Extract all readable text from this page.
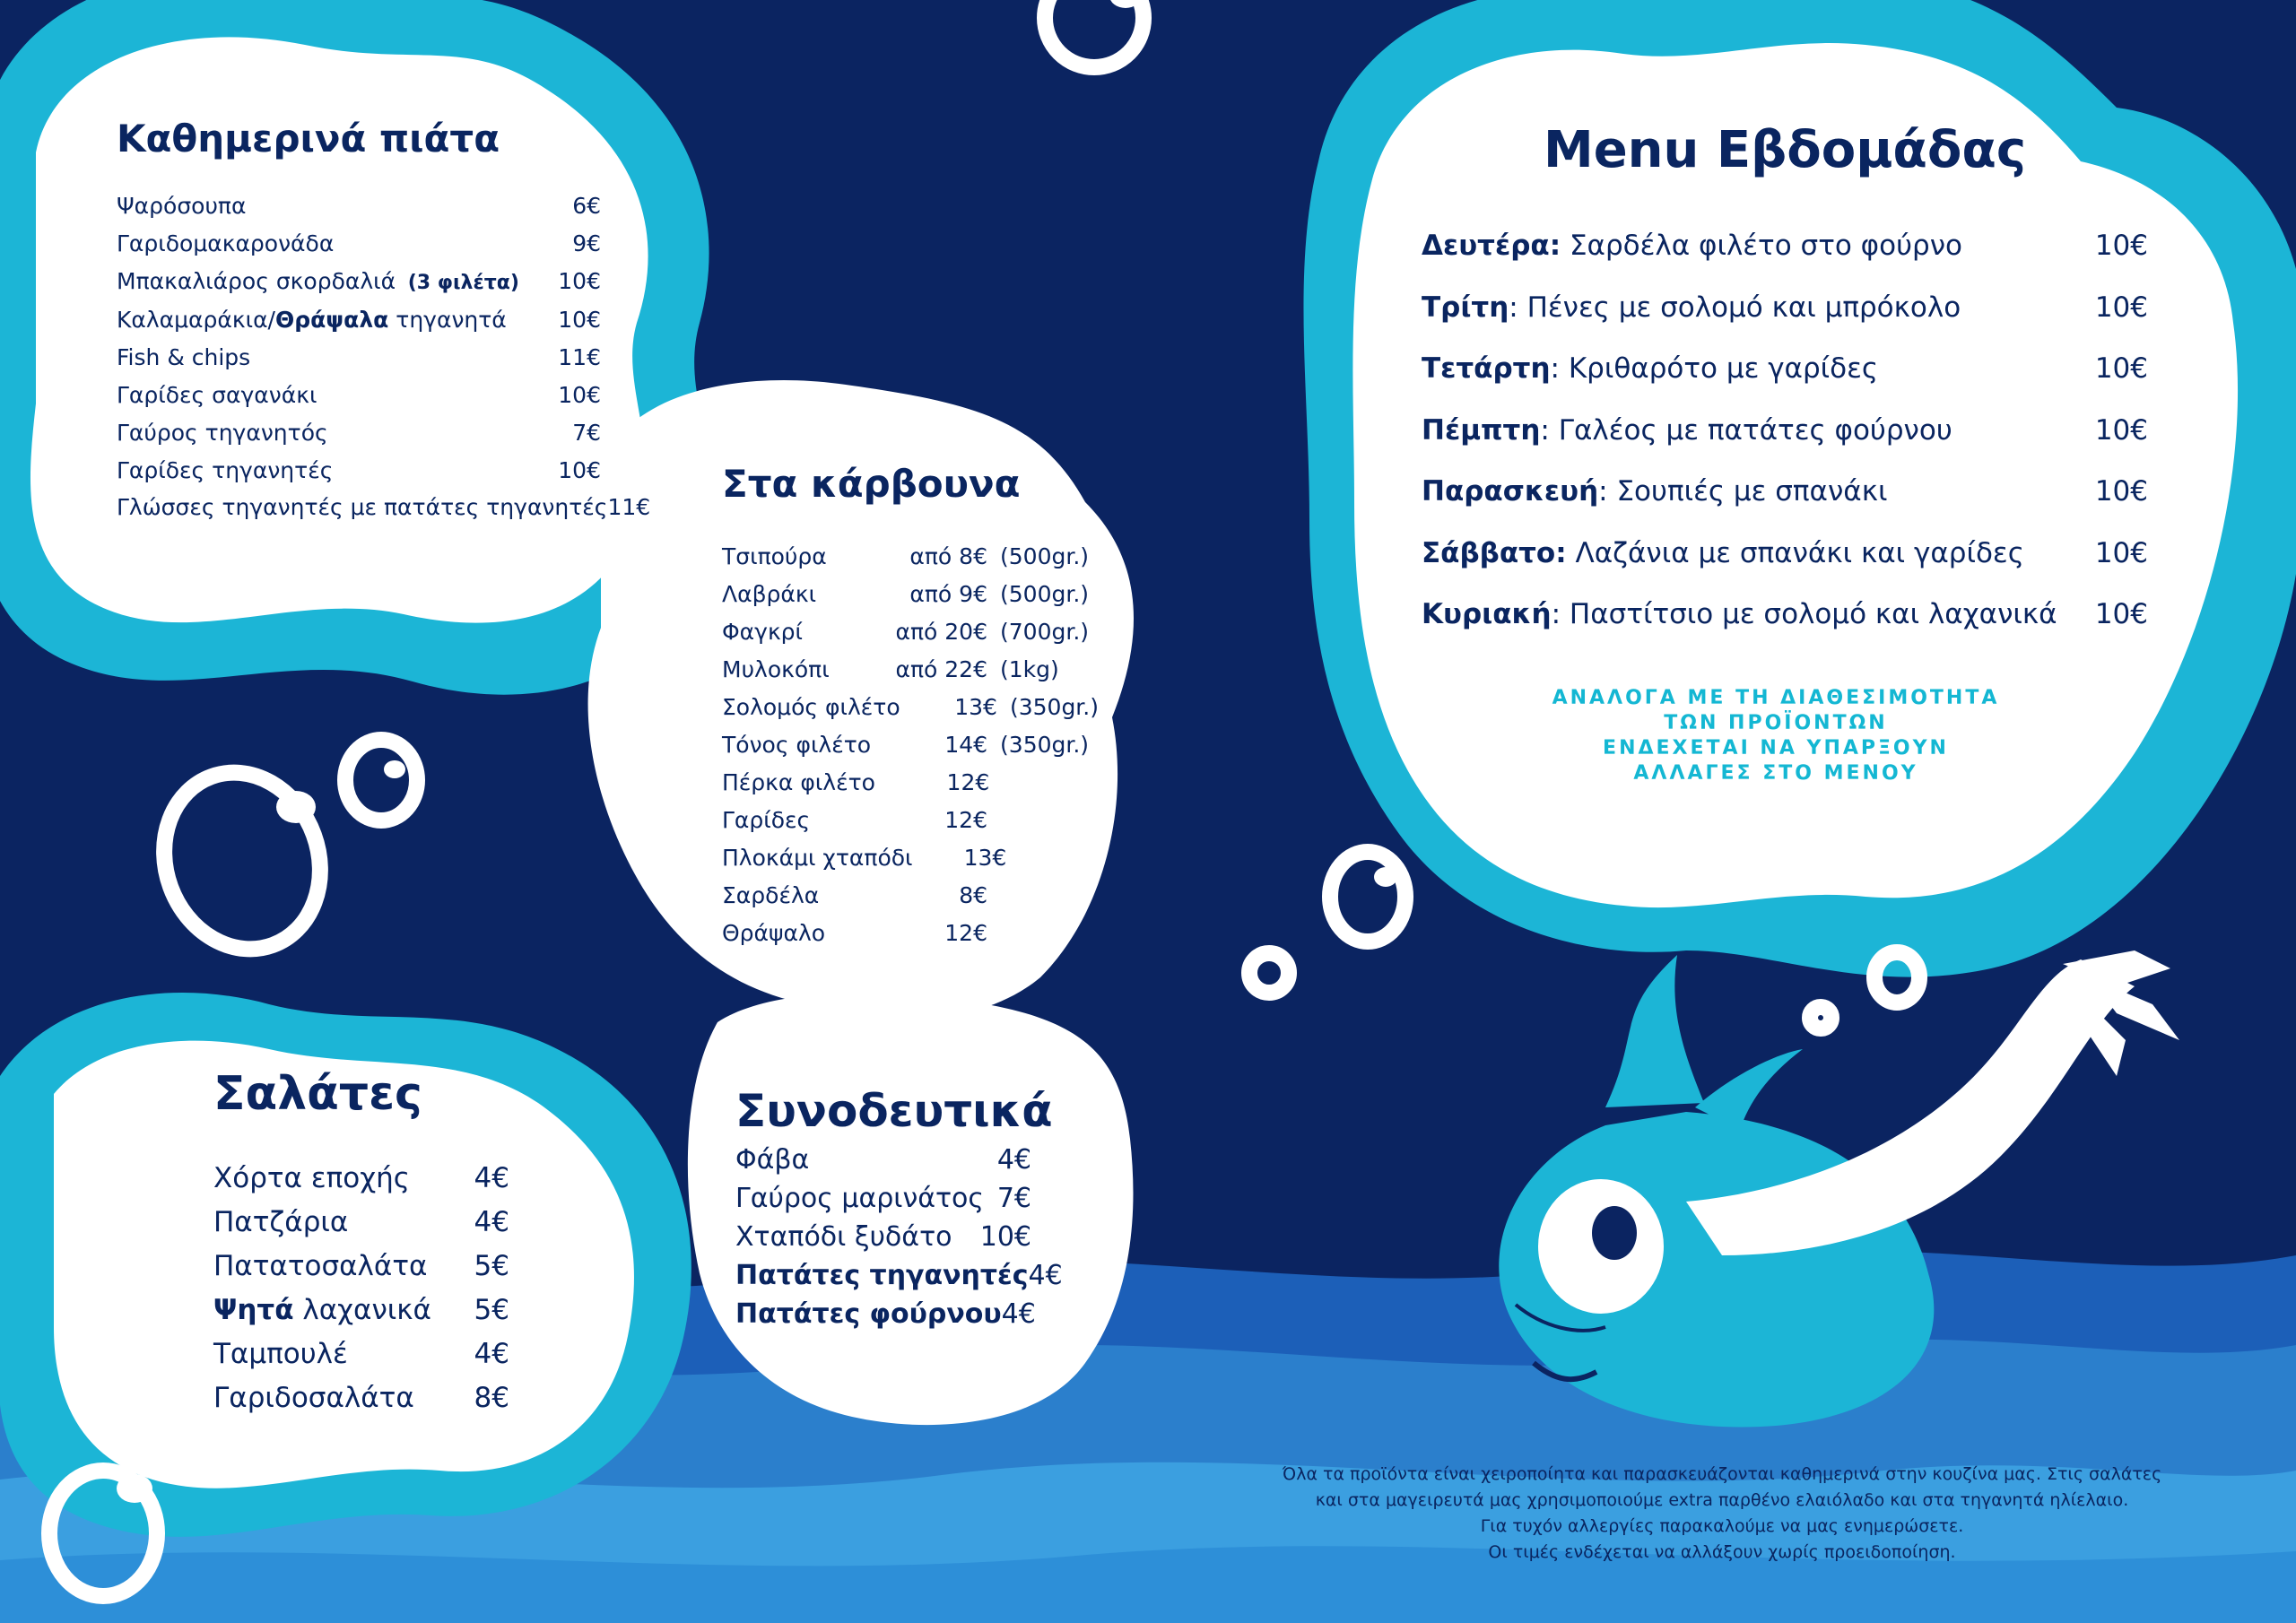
Καθημερινά πιάτα
Ψαρόσουπα	6€
Γαριδομακαρονάδα	9€
Μπακαλιάρος σκορδαλιά (3 φιλέτα)	10€
Καλαμαράκια/Θράψαλα τηγανητά	10€
Fish & chips	11€
Γαρίδες σαγανάκι	10€
Γαύρος τηγανητός	7€
Γαρίδες τηγανητές	10€
Γλώσσες τηγανητές με πατάτες τηγανητές 11€
Στα κάρβουνα
Τσιπούρα	από 8€ (500gr.)
Λαβράκι	από 9€ (500gr.)
Φαγκρί	από 20€ (700gr.)
Μυλοκόπι	από 22€ (1kg)
Σολομός φιλέτο	13€ (350gr.)
Τόνος φιλέτο	14€ (350gr.)
Πέρκα φιλέτο	12€
Γαρίδες	12€
Πλοκάμι χταπόδι	13€
Σαρδέλα	8€
Θράψαλο	12€
Σαλάτες
Χόρτα εποχής	4€
Πατζάρια	4€
Πατατοσαλάτα	5€
Ψητά λαχανικά	5€
Ταμπουλέ	4€
Γαριδοσαλάτα	8€
Συνοδευτικά
Φάβα	4€
Γαύρος μαρινάτος 7€
Χταπόδι ξυδάτο	10€
Πατάτες τηγανητές 4€
Πατάτες φούρνου 4€
Menu Εβδομάδας
Δευτέρα: Σαρδέλα φιλέτο στο φούρνο	10€
Τρίτη: Πένες με σολομό και μπρόκολο	10€
Τετάρτη: Κριθαρότο με γαρίδες	10€
Πέμπτη: Γαλέος με πατάτες φούρνου	10€
Παρασκευή: Σουπιές με σπανάκι	10€
Σάββατο: Λαζάνια με σπανάκι και γαρίδες	10€
Κυριακή: Παστίτσιο με σολομό και λαχανικά	10€
ΑΝΑΛΟΓΑ ΜΕ ΤΗ ΔΙΑΘΕΣΙΜΟΤΗΤΑ
ΤΩΝ ΠΡΟΪΟΝΤΩΝ
ΕΝΔΕΧΕΤΑΙ ΝΑ ΥΠΑΡΞΟΥΝ
ΑΛΛΑΓΕΣ ΣΤΟ ΜΕΝΟΥ
Όλα τα προϊόντα είναι χειροποίητα και παρασκευάζονται καθημερινά στην κουζίνα μας. Στις σαλάτες
και στα μαγειρευτά μας χρησιμοποιούμε extra παρθένο ελαιόλαδο και στα τηγανητά ηλίελαιο.
Για τυχόν αλλεργίες παρακαλούμε να μας ενημερώσετε.
Οι τιμές ενδέχεται να αλλάξουν χωρίς προειδοποίηση.
